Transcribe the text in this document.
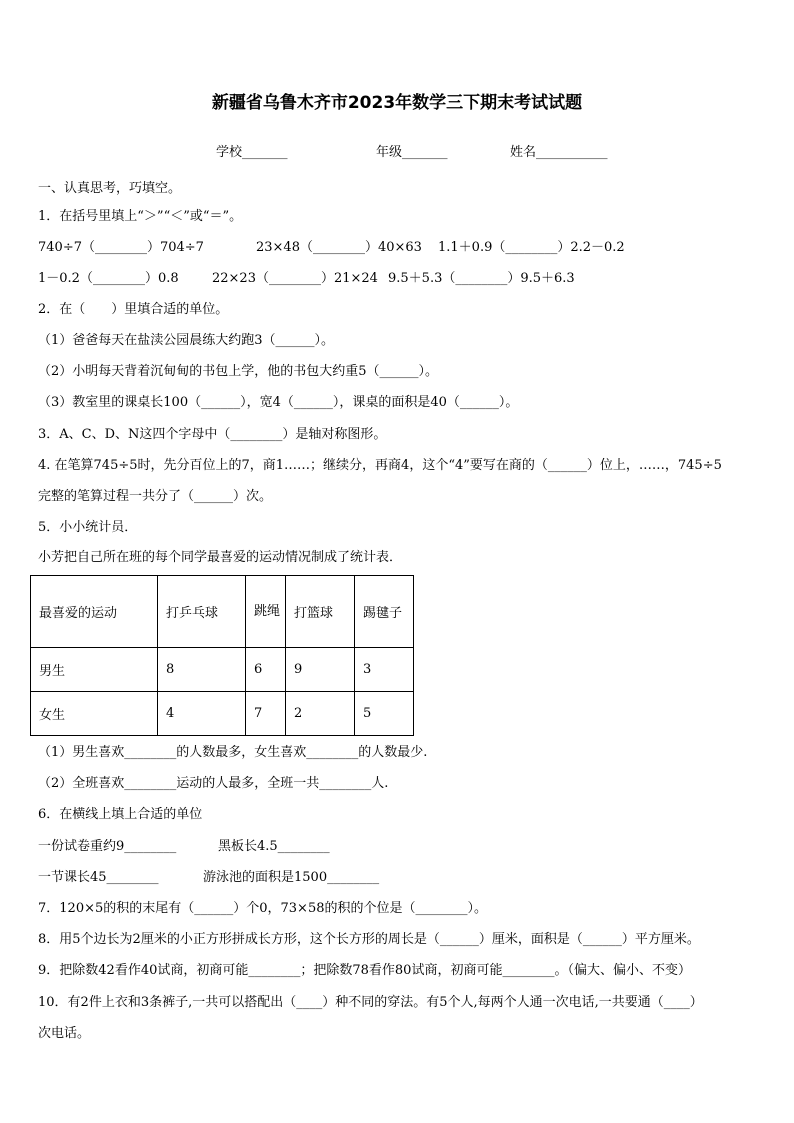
新疆省乌鲁木齐市2023年数学三下期末考试试题
学校_______	年级_______	姓名___________
一、认真思考，巧填空。
1．在括号里填上“＞”“＜”或“＝”。
740÷7（________）704÷7	23×48（________）40×63 1.1＋0.9（________）2.2－0.2
1－0.2（________）0.8	22×23（________）21×24 9.5＋5.3（________）9.5＋6.3
2．在（　　）里填合适的单位。
（1）爸爸每天在盐渎公园晨练大约跑3（______）。
（2）小明每天背着沉甸甸的书包上学，他的书包大约重5（______）。
（3）教室里的课桌长100（______），宽4（______），课桌的面积是40（______）。
3．A、C、D、N这四个字母中（________）是轴对称图形。
4. 在笔算745÷5时，先分百位上的7，商1……；继续分，再商4，这个“4”要写在商的（______）位上，……，745÷5
完整的笔算过程一共分了（______）次。
5．小小统计员．
小芳把自己所在班的每个同学最喜爱的运动情况制成了统计表．
最喜爱的运动	打乒乓球	跳绳	打篮球	踢毽子
男生	8	6	9	3
女生	4	7	2	5
（1）男生喜欢________的人数最多，女生喜欢________的人数最少.
（2）全班喜欢________运动的人最多，全班一共________人.
6．在横线上填上合适的单位
一份试卷重约9________	黑板长4.5________
一节课长45________	游泳池的面积是1500________
7．120×5的积的末尾有（______）个0，73×58的积的个位是（________）。
8．用5个边长为2厘米的小正方形拼成长方形，这个长方形的周长是（______）厘米，面积是（______）平方厘米。
9．把除数42看作40试商，初商可能________；把除数78看作80试商，初商可能________。（偏大、偏小、不变）
10．有2件上衣和3条裤子,一共可以搭配出（____）种不同的穿法。有5个人,每两个人通一次电话,一共要通（____）
次电话。
